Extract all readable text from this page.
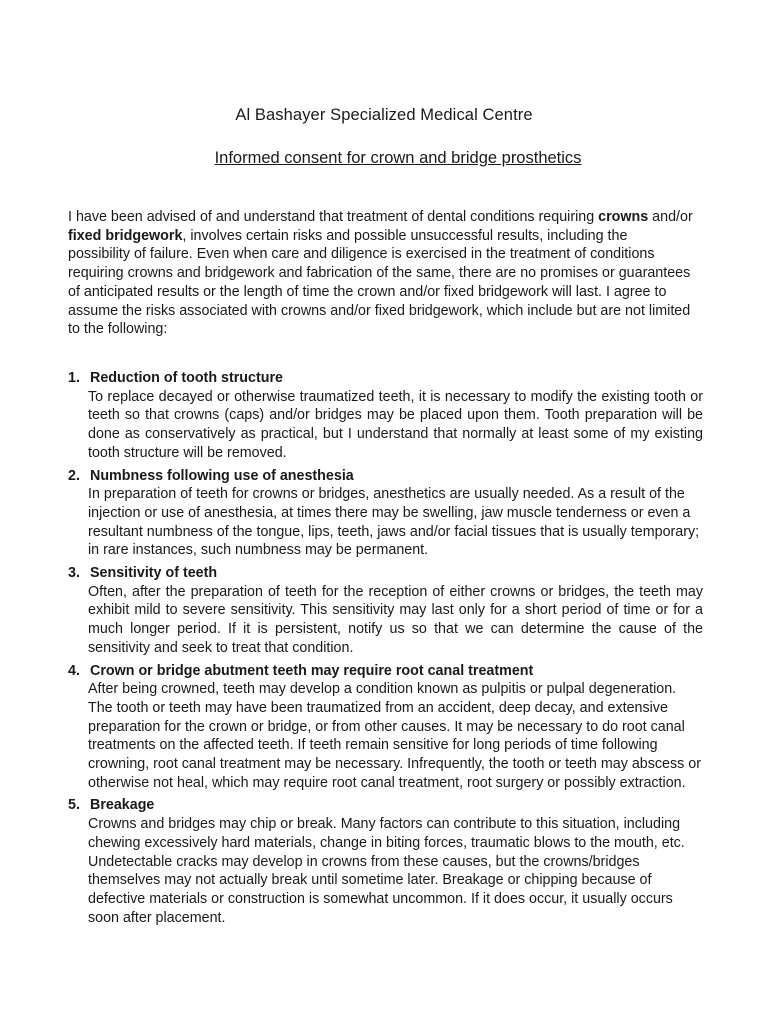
Al Bashayer Specialized Medical Centre
Informed consent for crown and bridge prosthetics
I have been advised of and understand that treatment of dental conditions requiring crowns and/or fixed bridgework, involves certain risks and possible unsuccessful results, including the possibility of failure. Even when care and diligence is exercised in the treatment of conditions requiring crowns and bridgework and fabrication of the same, there are no promises or guarantees of anticipated results or the length of time the crown and/or fixed bridgework will last. I agree to assume the risks associated with crowns and/or fixed bridgework, which include but are not limited to the following:
1. Reduction of tooth structure
To replace decayed or otherwise traumatized teeth, it is necessary to modify the existing tooth or teeth so that crowns (caps) and/or bridges may be placed upon them. Tooth preparation will be done as conservatively as practical, but I understand that normally at least some of my existing tooth structure will be removed.
2. Numbness following use of anesthesia
In preparation of teeth for crowns or bridges, anesthetics are usually needed. As a result of the injection or use of anesthesia, at times there may be swelling, jaw muscle tenderness or even a resultant numbness of the tongue, lips, teeth, jaws and/or facial tissues that is usually temporary; in rare instances, such numbness may be permanent.
3. Sensitivity of teeth
Often, after the preparation of teeth for the reception of either crowns or bridges, the teeth may exhibit mild to severe sensitivity. This sensitivity may last only for a short period of time or for a much longer period. If it is persistent, notify us so that we can determine the cause of the sensitivity and seek to treat that condition.
4. Crown or bridge abutment teeth may require root canal treatment
After being crowned, teeth may develop a condition known as pulpitis or pulpal degeneration. The tooth or teeth may have been traumatized from an accident, deep decay, and extensive preparation for the crown or bridge, or from other causes. It may be necessary to do root canal treatments on the affected teeth. If teeth remain sensitive for long periods of time following crowning, root canal treatment may be necessary. Infrequently, the tooth or teeth may abscess or otherwise not heal, which may require root canal treatment, root surgery or possibly extraction.
5. Breakage
Crowns and bridges may chip or break. Many factors can contribute to this situation, including chewing excessively hard materials, change in biting forces, traumatic blows to the mouth, etc. Undetectable cracks may develop in crowns from these causes, but the crowns/bridges themselves may not actually break until sometime later. Breakage or chipping because of defective materials or construction is somewhat uncommon. If it does occur, it usually occurs soon after placement.
